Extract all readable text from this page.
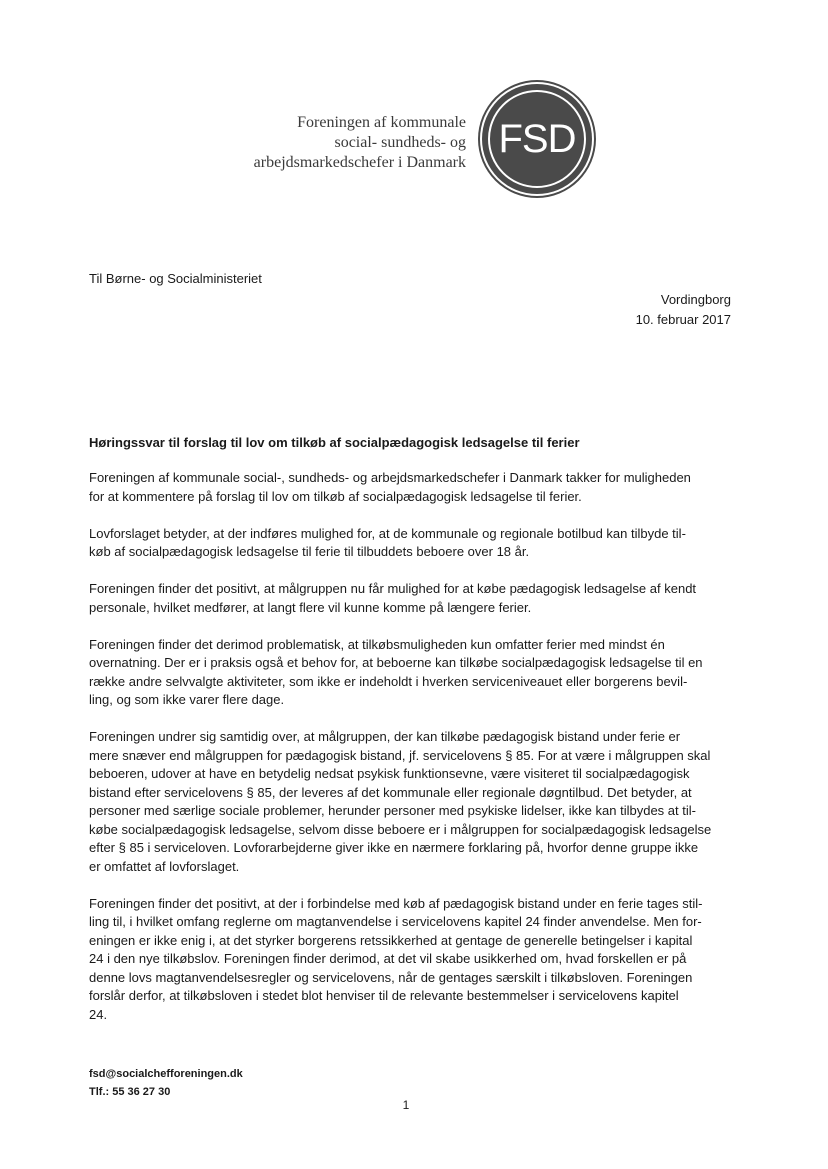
Foreningen af kommunale
social- sundheds- og
arbejdsmarkedschefer i Danmark
FSD
Til Børne- og Socialministeriet
Vordingborg
10. februar 2017
Høringssvar til forslag til lov om tilkøb af socialpædagogisk ledsagelse til ferier

Foreningen af kommunale social-, sundheds- og arbejdsmarkedschefer i Danmark takker for muligheden
for at kommentere på forslag til lov om tilkøb af socialpædagogisk ledsagelse til ferier.

Lovforslaget betyder, at der indføres mulighed for, at de kommunale og regionale botilbud kan tilbyde til-
køb af socialpædagogisk ledsagelse til ferie til tilbuddets beboere over 18 år.

Foreningen finder det positivt, at målgruppen nu får mulighed for at købe pædagogisk ledsagelse af kendt
personale, hvilket medfører, at langt flere vil kunne komme på længere ferier.

Foreningen finder det derimod problematisk, at tilkøbsmuligheden kun omfatter ferier med mindst én
overnatning. Der er i praksis også et behov for, at beboerne kan tilkøbe socialpædagogisk ledsagelse til en
række andre selvvalgte aktiviteter, som ikke er indeholdt i hverken serviceniveauet eller borgerens bevil-
ling, og som ikke varer flere dage.

Foreningen undrer sig samtidig over, at målgruppen, der kan tilkøbe pædagogisk bistand under ferie er
mere snæver end målgruppen for pædagogisk bistand, jf. servicelovens § 85. For at være i målgruppen skal
beboeren, udover at have en betydelig nedsat psykisk funktionsevne, være visiteret til socialpædagogisk
bistand efter servicelovens § 85, der leveres af det kommunale eller regionale døgntilbud. Det betyder, at
personer med særlige sociale problemer, herunder personer med psykiske lidelser, ikke kan tilbydes at til-
købe socialpædagogisk ledsagelse, selvom disse beboere er i målgruppen for socialpædagogisk ledsagelse
efter § 85 i serviceloven. Lovforarbejderne giver ikke en nærmere forklaring på, hvorfor denne gruppe ikke
er omfattet af lovforslaget.

Foreningen finder det positivt, at der i forbindelse med køb af pædagogisk bistand under en ferie tages stil-
ling til, i hvilket omfang reglerne om magtanvendelse i servicelovens kapitel 24 finder anvendelse. Men for-
eningen er ikke enig i, at det styrker borgerens retssikkerhed at gentage de generelle betingelser i kapital
24 i den nye tilkøbslov. Foreningen finder derimod, at det vil skabe usikkerhed om, hvad forskellen er på
denne lovs magtanvendelsesregler og servicelovens, når de gentages særskilt i tilkøbsloven. Foreningen
forslår derfor, at tilkøbsloven i stedet blot henviser til de relevante bestemmelser i servicelovens kapitel
24.

fsd@socialchefforeningen.dk
Tlf.: 55 36 27 30
1
